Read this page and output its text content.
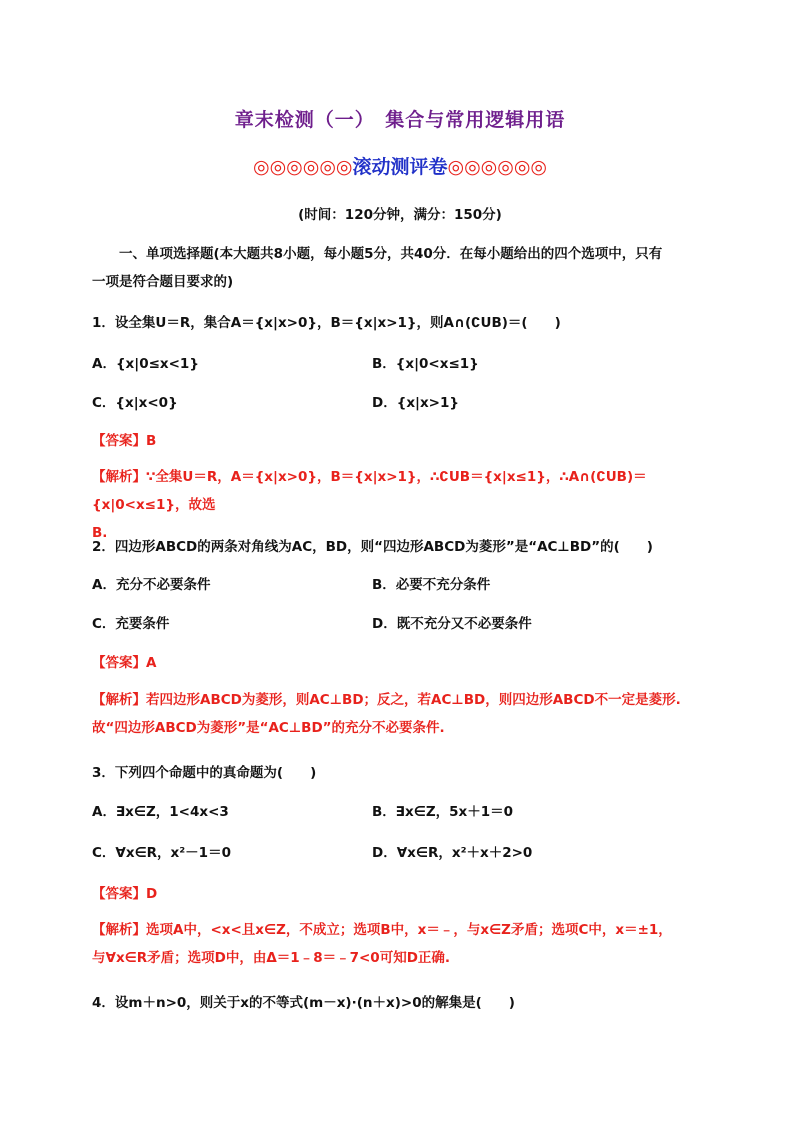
章末检测（一）　集合与常用逻辑用语
◎◎◎◎◎◎滚动测评卷◎◎◎◎◎◎
(时间：120分钟，满分：150分)
一、单项选择题(本大题共8小题，每小题5分，共40分．在每小题给出的四个选项中，只有
一项是符合题目要求的)
1．设全集U＝R，集合A＝{x|x>0}，B＝{x|x>1}，则A∩(∁UB)＝(　　)
A．{x|0≤x<1}	B．{x|0<x≤1}
C．{x|x<0}	D．{x|x>1}
【答案】B
【解析】∵全集U＝R，A＝{x|x>0}，B＝{x|x>1}，∴∁UB＝{x|x≤1}，∴A∩(∁UB)＝{x|0<x≤1}，故选
B.
2．四边形ABCD的两条对角线为AC，BD，则“四边形ABCD为菱形”是“AC⊥BD”的(　　)
A．充分不必要条件	B．必要不充分条件
C．充要条件	D．既不充分又不必要条件
【答案】A
【解析】若四边形ABCD为菱形，则AC⊥BD；反之，若AC⊥BD，则四边形ABCD不一定是菱形.
故“四边形ABCD为菱形”是“AC⊥BD”的充分不必要条件.
3．下列四个命题中的真命题为(　　)
A．∃x∈Z，1<4x<3	B．∃x∈Z，5x＋1＝0
C．∀x∈R，x²－1＝0	D．∀x∈R，x²＋x＋2>0
【答案】D
【解析】选项A中，<x<且x∈Z，不成立；选项B中，x＝﹣，与x∈Z矛盾；选项C中，x＝±1，
与∀x∈R矛盾；选项D中，由Δ＝1﹣8＝﹣7<0可知D正确.
4．设m＋n>0，则关于x的不等式(m－x)·(n＋x)>0的解集是(　　)
